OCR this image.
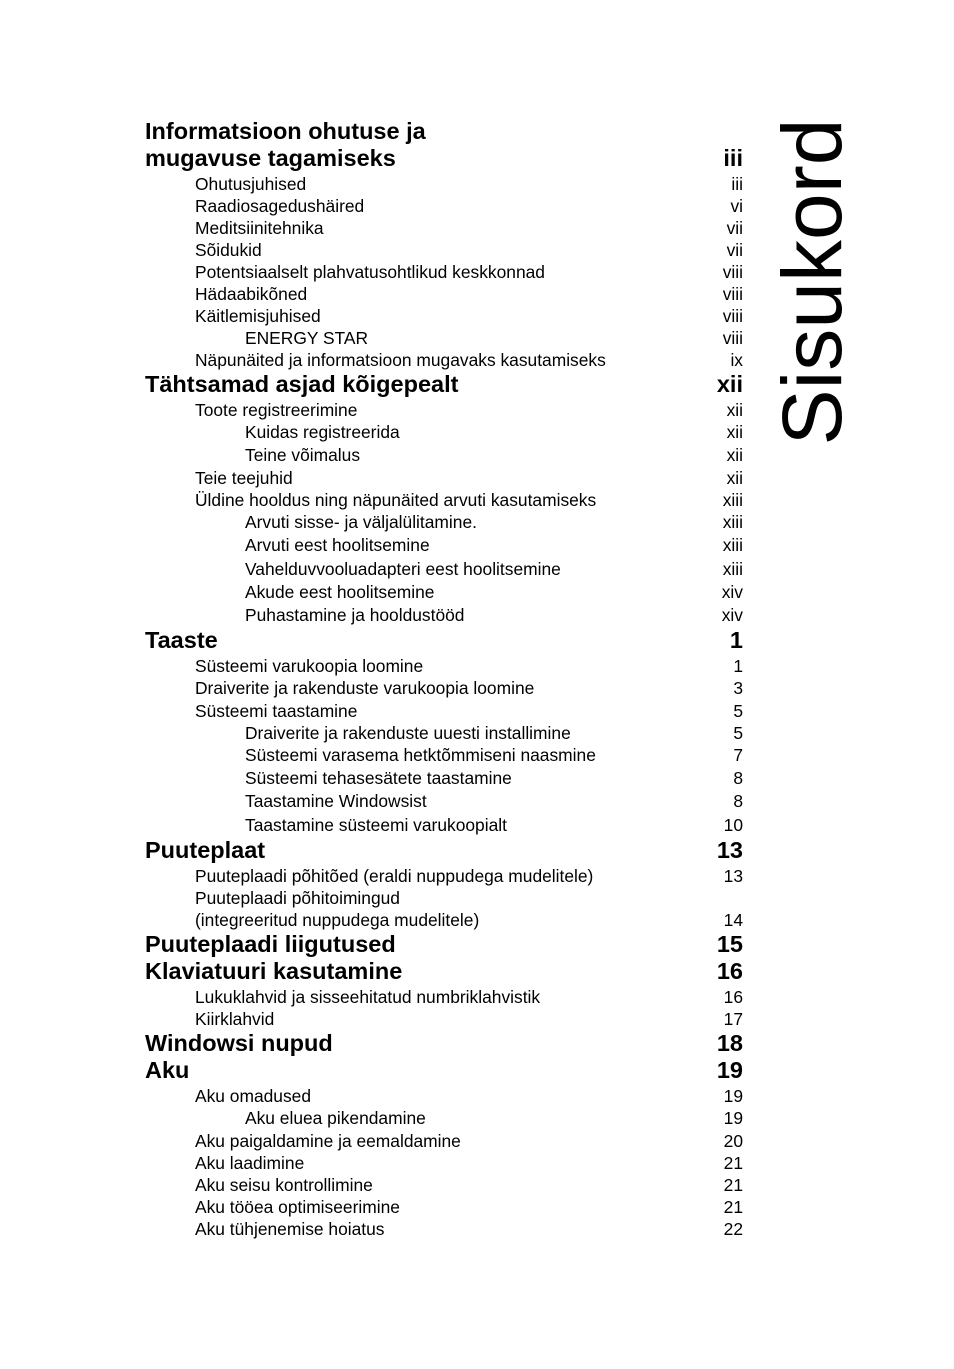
Informatsioon ohutuse ja
mugavuse tagamiseks	iii
Ohutusjuhised	iii
Raadiosagedushäired	vi
Meditsiinitehnika	vii
Sõidukid	vii
Potentsiaalselt plahvatusohtlikud keskkonnad	viii
Hädaabikõned	viii
Käitlemisjuhised	viii
ENERGY STAR	viii
Näpunäited ja informatsioon mugavaks kasutamiseks	ix
Tähtsamad asjad kõigepealt	xii
Toote registreerimine	xii
Kuidas registreerida	xii
Teine võimalus	xii
Teie teejuhid	xii
Üldine hooldus ning näpunäited arvuti kasutamiseks	xiii
Arvuti sisse- ja väljalülitamine.	xiii
Arvuti eest hoolitsemine	xiii
Vahelduvvooluadapteri eest hoolitsemine	xiii
Akude eest hoolitsemine	xiv
Puhastamine ja hooldustööd	xiv
Taaste	1
Süsteemi varukoopia loomine	1
Draiverite ja rakenduste varukoopia loomine	3
Süsteemi taastamine	5
Draiverite ja rakenduste uuesti installimine	5
Süsteemi varasema hetktõmmiseni naasmine	7
Süsteemi tehasesätete taastamine	8
Taastamine Windowsist	8
Taastamine süsteemi varukoopialt	10
Puuteplaat	13
Puuteplaadi põhitõed (eraldi nuppudega mudelitele)	13
Puuteplaadi põhitoimingud
(integreeritud nuppudega mudelitele)	14
Puuteplaadi liigutused	15
Klaviatuuri kasutamine	16
Lukuklahvid ja sisseehitatud numbriklahvistik	16
Kiirklahvid	17
Windowsi nupud	18
Aku	19
Aku omadused	19
Aku eluea pikendamine	19
Aku paigaldamine ja eemaldamine	20
Aku laadimine	21
Aku seisu kontrollimine	21
Aku tööea optimiseerimine	21
Aku tühjenemise hoiatus	22
Sisukord
